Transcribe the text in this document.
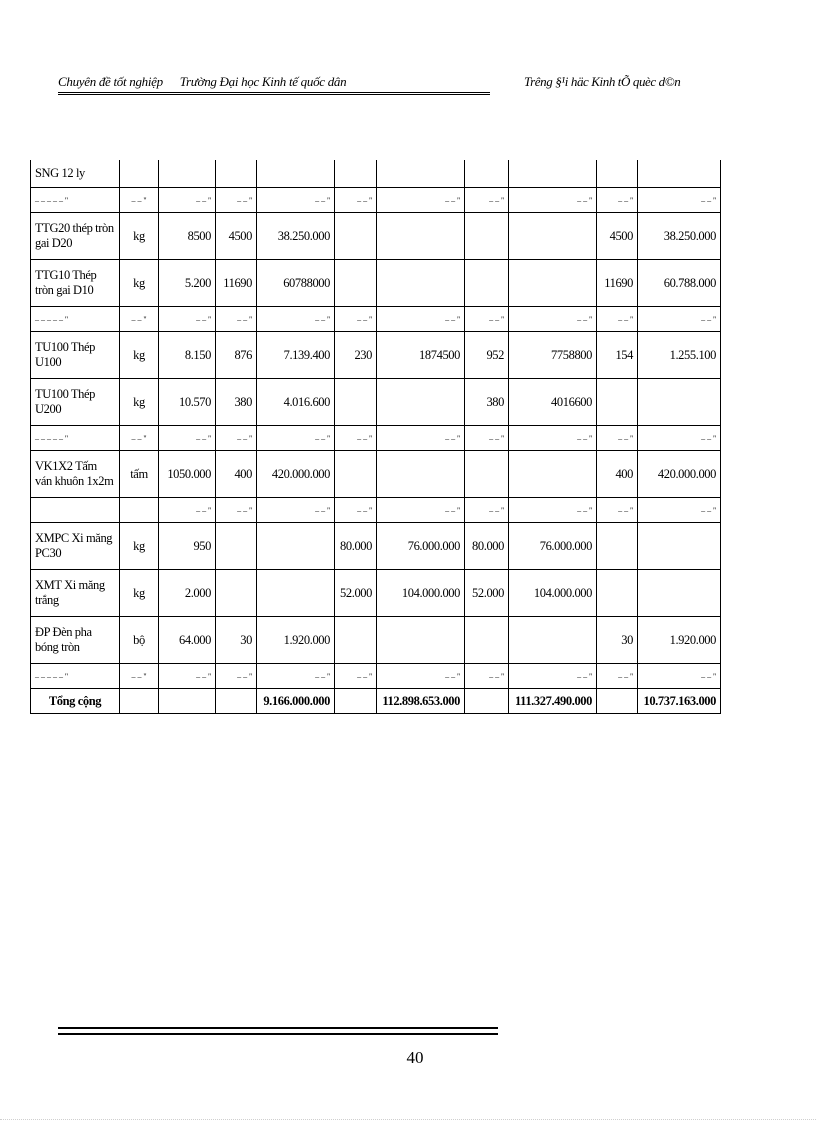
Chuyên đề tốt nghiệp Trường Đại học Kinh tế quốc dân	Trêng §¹i häc Kinh tÕ quèc d©n
SNG 12 ly										
– – – – – ''	– – ''	– – ''	– – ''	– – ''	– – ''	– – ''	– – ''	– – ''	– – ''	– – ''
TTG20 thép tròn gai D20	kg	8500	4500	38.250.000					4500	38.250.000
TTG10 Thép tròn gai D10	kg	5.200	11690	60788000					11690	60.788.000
– – – – – ''	– – ''	– – ''	– – ''	– – ''	– – ''	– – ''	– – ''	– – ''	– – ''	– – ''
TU100 Thép U100	kg	8.150	876	7.139.400	230	1874500	952	7758800	154	1.255.100
TU100 Thép U200	kg	10.570	380	4.016.600			380	4016600		
– – – – – ''	– – ''	– – ''	– – ''	– – ''	– – ''	– – ''	– – ''	– – ''	– – ''	– – ''
VK1X2 Tấm ván khuôn 1x2m	tấm	1050.000	400	420.000.000					400	420.000.000
		– – ''	– – ''	– – ''	– – ''	– – ''	– – ''	– – ''	– – ''	– – ''
XMPC Xi măng PC30	kg	950			80.000	76.000.000	80.000	76.000.000		
XMT Xi măng trắng	kg	2.000			52.000	104.000.000	52.000	104.000.000		
ĐP Đèn pha bóng tròn	bộ	64.000	30	1.920.000					30	1.920.000
– – – – – ''	– – ''	– – ''	– – ''	– – ''	– – ''	– – ''	– – ''	– – ''	– – ''	– – ''
Tổng cộng				9.166.000.000		112.898.653.000		111.327.490.000		10.737.163.000
40
